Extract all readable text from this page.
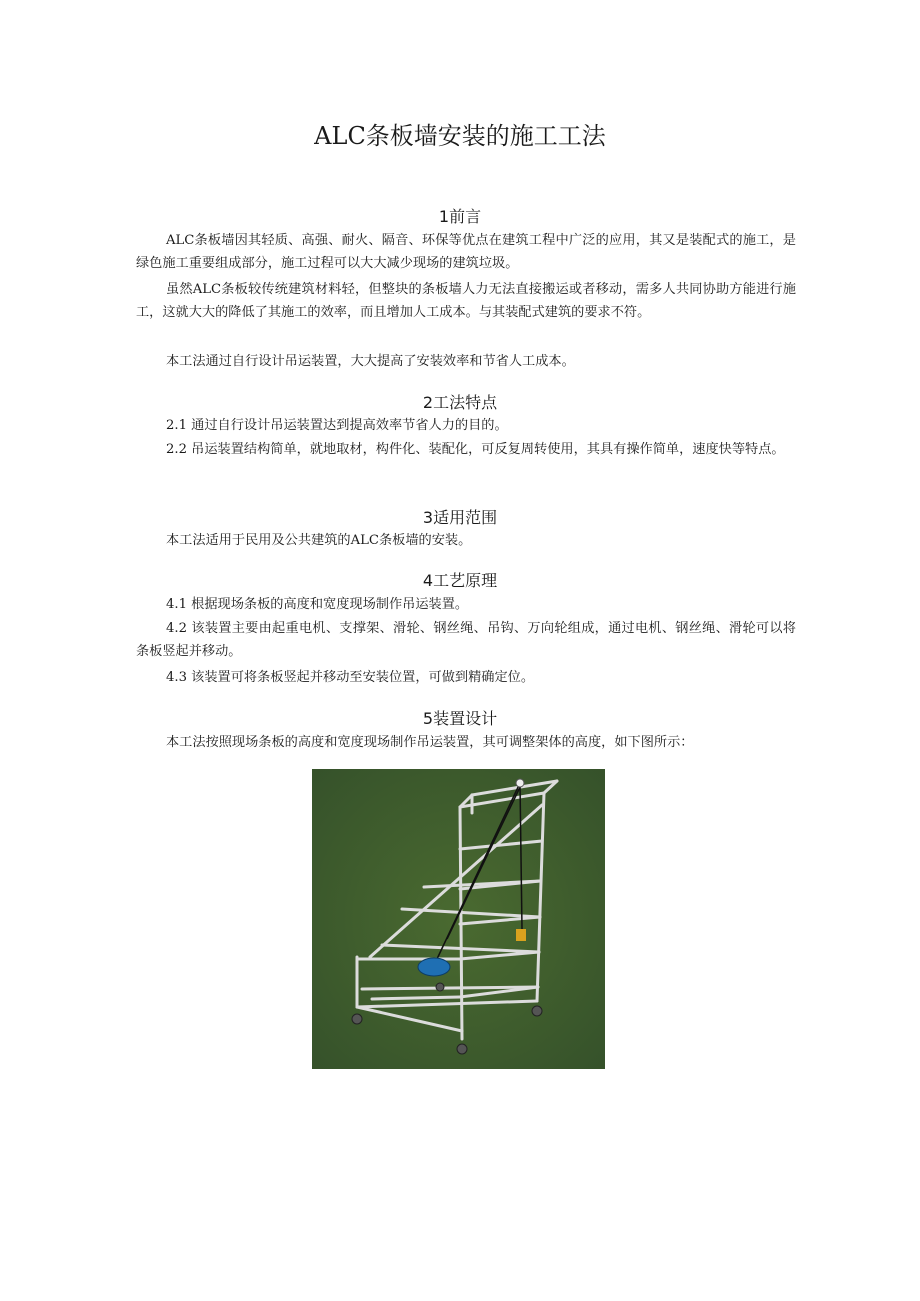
ALC条板墙安装的施工工法
1前言
ALC条板墙因其轻质、高强、耐火、隔音、环保等优点在建筑工程中广泛的应用，其又是装配式的施工，是绿色施工重要组成部分，施工过程可以大大减少现场的建筑垃圾。
虽然ALC条板较传统建筑材料轻，但整块的条板墙人力无法直接搬运或者移动，需多人共同协助方能进行施工，这就大大的降低了其施工的效率，而且增加人工成本。与其装配式建筑的要求不符。
本工法通过自行设计吊运装置，大大提高了安装效率和节省人工成本。
2工法特点
2.1 通过自行设计吊运装置达到提高效率节省人力的目的。
2.2 吊运装置结构简单，就地取材，构件化、装配化，可反复周转使用，其具有操作简单，速度快等特点。
3适用范围
本工法适用于民用及公共建筑的ALC条板墙的安装。
4工艺原理
4.1 根据现场条板的高度和宽度现场制作吊运装置。
4.2 该装置主要由起重电机、支撑架、滑轮、钢丝绳、吊钩、万向轮组成，通过电机、钢丝绳、滑轮可以将条板竖起并移动。
4.3 该装置可将条板竖起并移动至安装位置，可做到精确定位。
5装置设计
本工法按照现场条板的高度和宽度现场制作吊运装置，其可调整架体的高度，如下图所示：
